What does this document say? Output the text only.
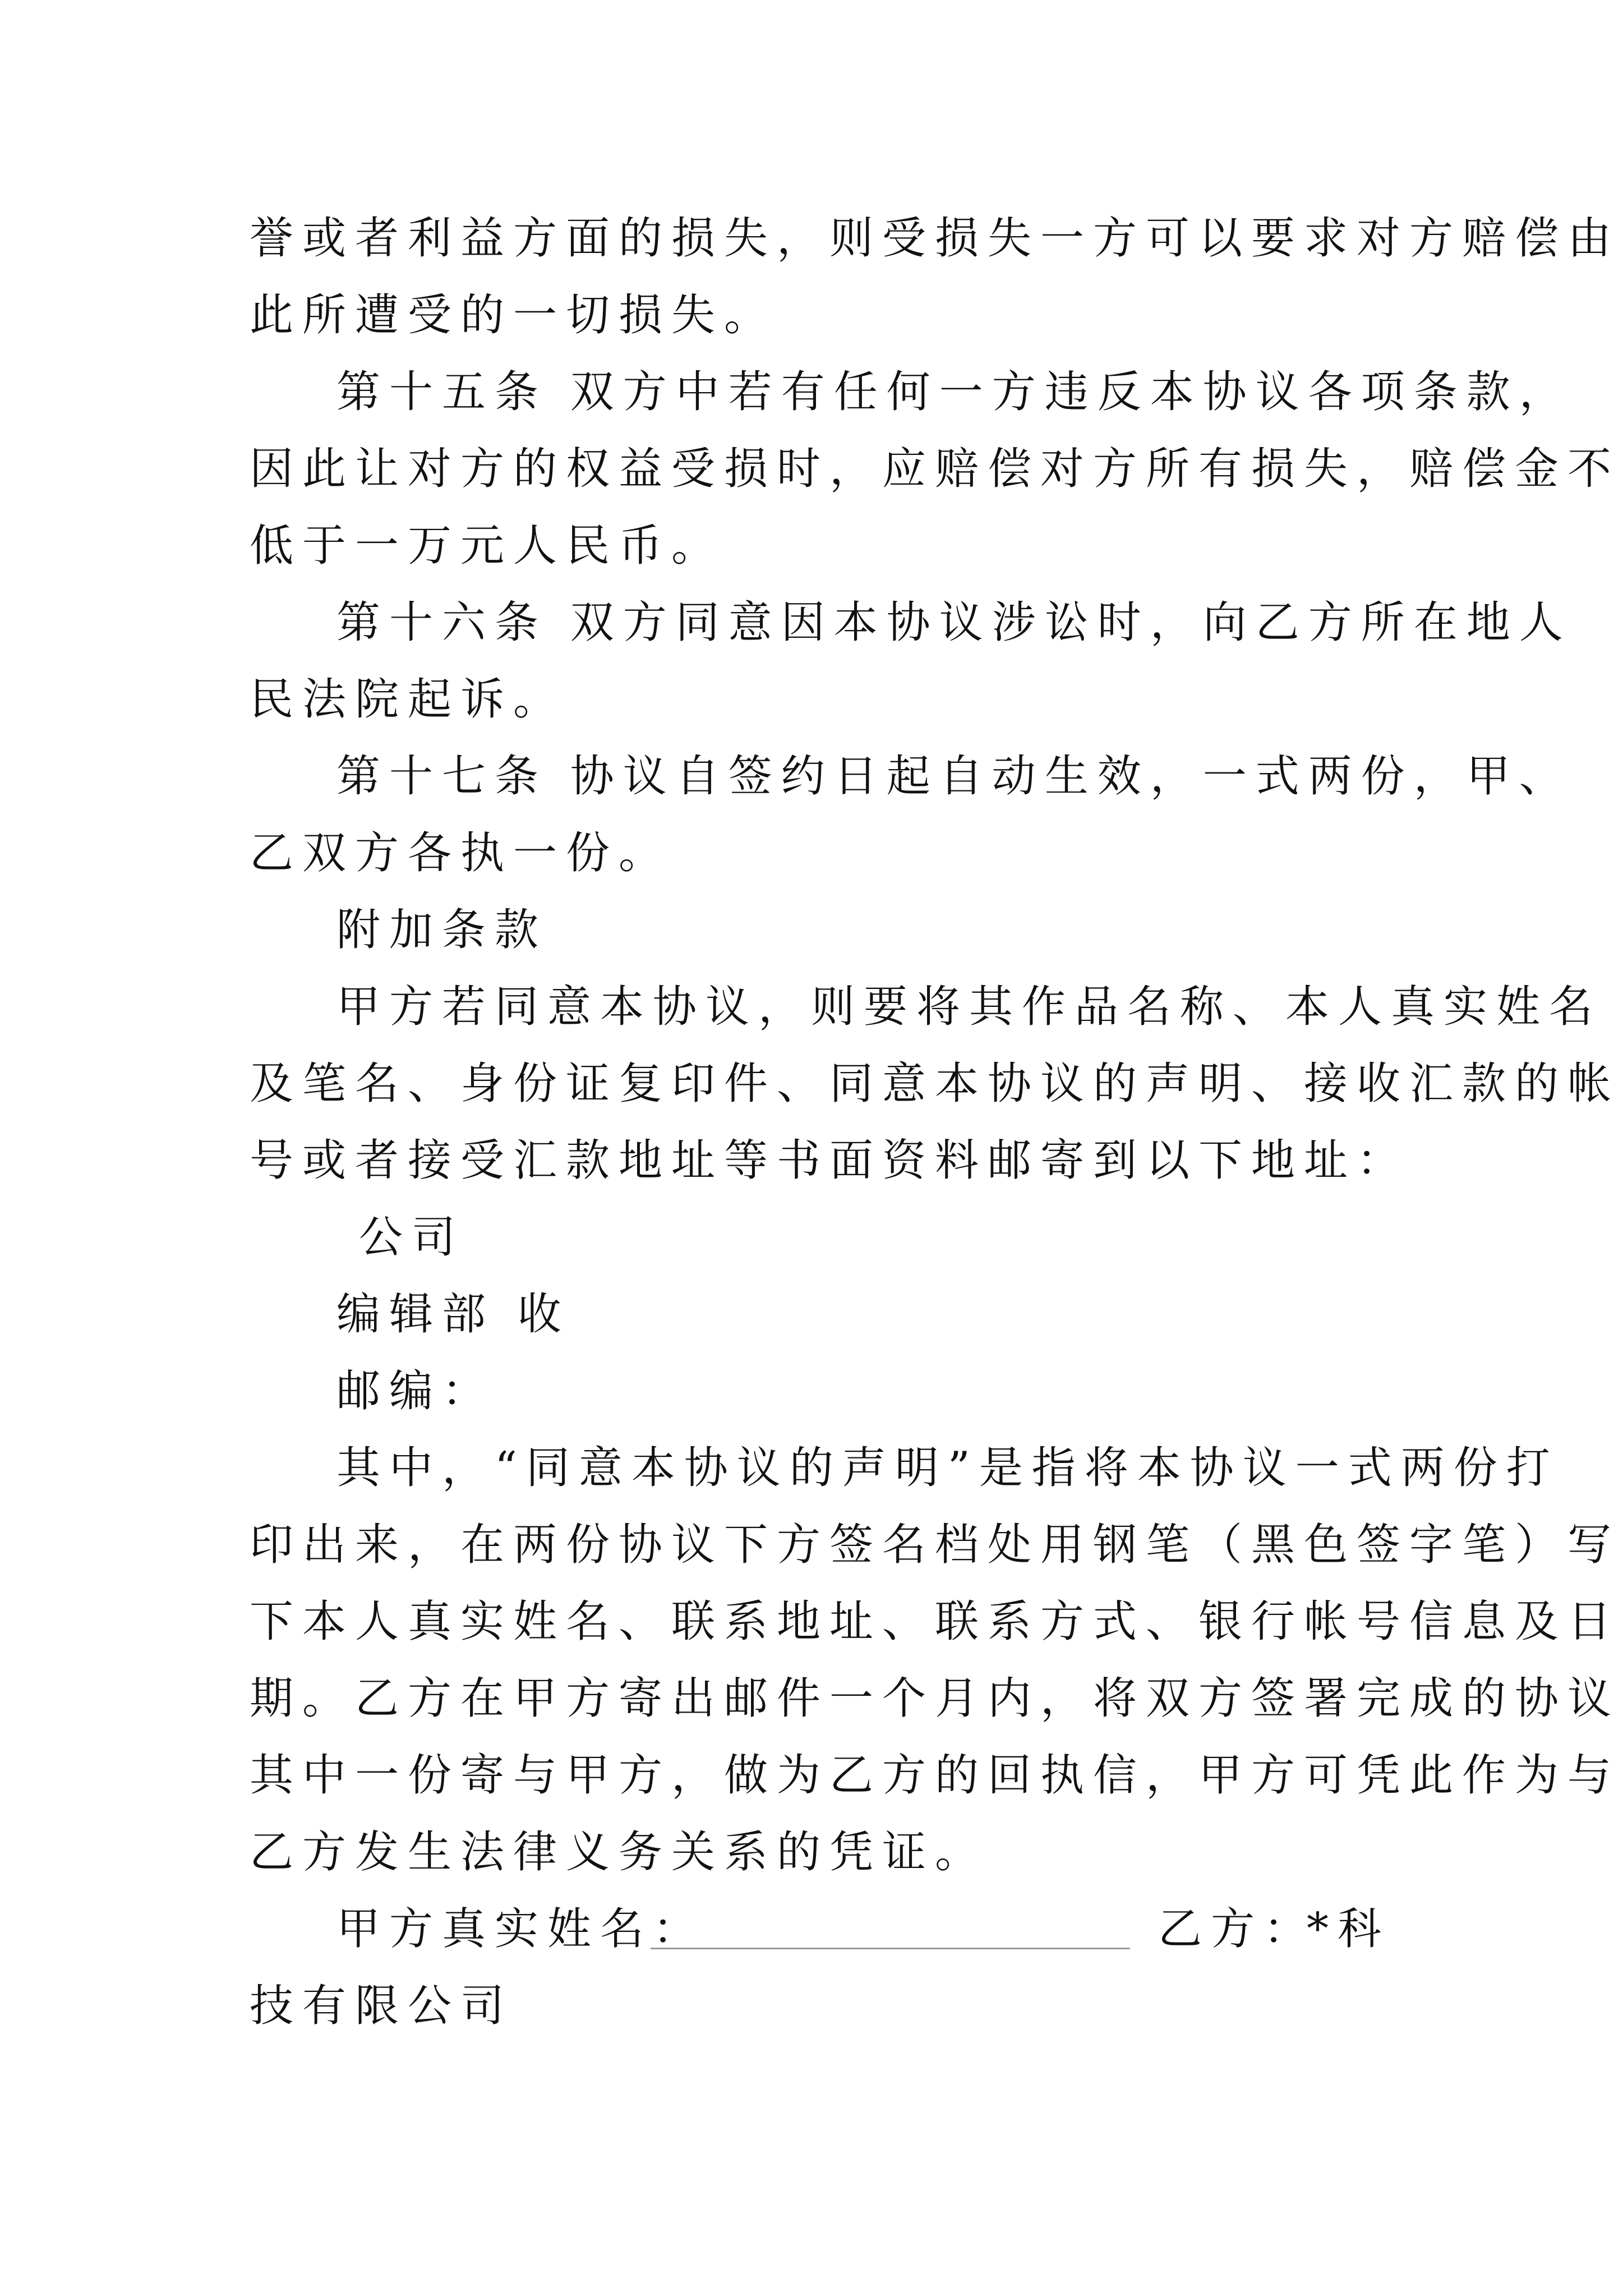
誉或者利益方面的损失，则受损失一方可以要求对方赔偿由
此所遭受的一切损失。
第十五条 双方中若有任何一方违反本协议各项条款，
因此让对方的权益受损时，应赔偿对方所有损失，赔偿金不
低于一万元人民币。
第十六条 双方同意因本协议涉讼时，向乙方所在地人
民法院起诉。
第十七条 协议自签约日起自动生效，一式两份，甲、
乙双方各执一份。
附加条款
甲方若同意本协议，则要将其作品名称、本人真实姓名
及笔名、身份证复印件、同意本协议的声明、接收汇款的帐
号或者接受汇款地址等书面资料邮寄到以下地址：
公司
编辑部 收
邮编：
其中，“同意本协议的声明”是指将本协议一式两份打
印出来，在两份协议下方签名档处用钢笔（黑色签字笔）写
下本人真实姓名、联系地址、联系方式、银行帐号信息及日
期。乙方在甲方寄出邮件一个月内，将双方签署完成的协议
其中一份寄与甲方，做为乙方的回执信，甲方可凭此作为与
乙方发生法律义务关系的凭证。
甲方真实姓名：	乙方：
*科
技有限公司
